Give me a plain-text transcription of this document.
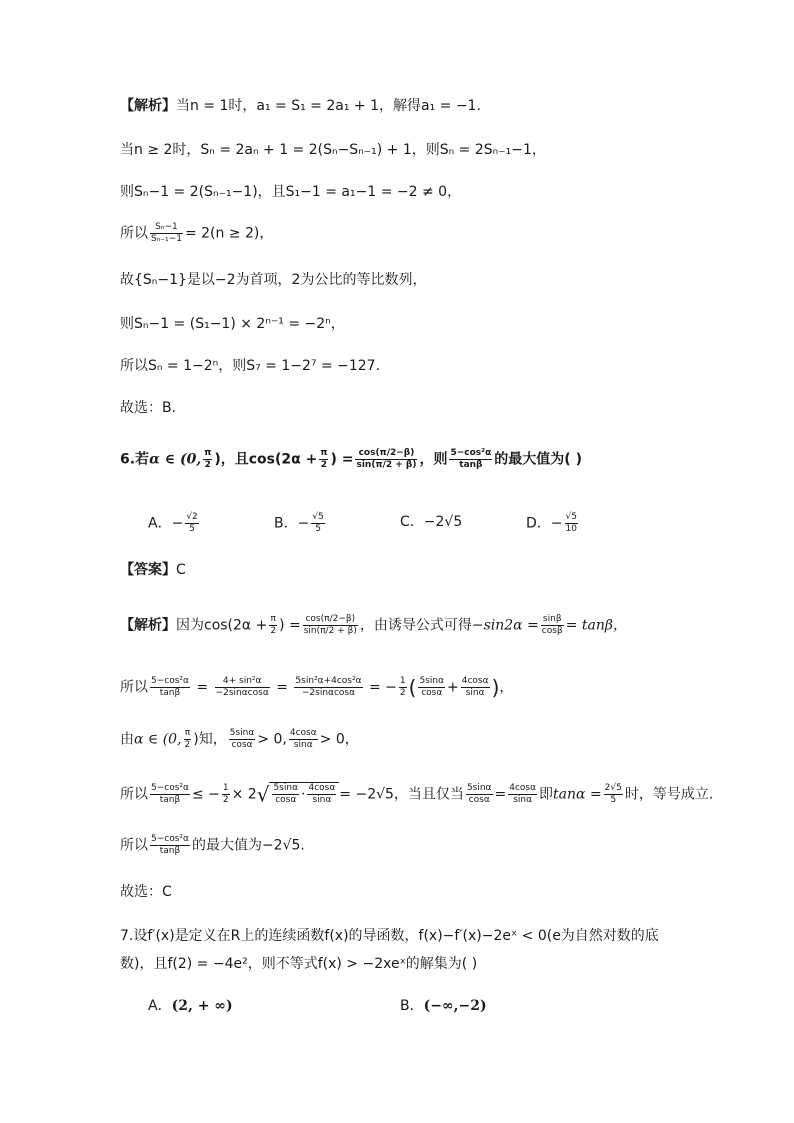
【解析】当n = 1时，a₁ = S₁ = 2a₁ + 1，解得a₁ = −1.
当n ≥ 2时，Sₙ = 2aₙ + 1 = 2(Sₙ−Sₙ₋₁) + 1，则Sₙ = 2Sₙ₋₁−1，
则Sₙ−1 = 2(Sₙ₋₁−1)，且S₁−1 = a₁−1 = −2 ≠ 0，
所以 $\frac{\text{Sₙ−1}}{\text{Sₙ₋₁−1}} = 2(n \ge 2)$，
故{Sₙ−1}是以−2为首项，2为公比的等比数列，
则Sₙ−1 = (S₁−1) × 2ⁿ⁻¹ = −2ⁿ，
所以Sₙ = 1−2ⁿ，则S₇ = 1−2⁷ = −127.
故选：B.
6.若α ∈ (0, $\frac{\pi}{2}$ )，且$\cos(2\alpha + \frac{\pi}{2}$ ) = $\frac{\cos(\pi/2-\beta)}{\sin(\pi/2 + \beta)}$ ，则 $\frac{\text{5−cos²α}}{\tan\beta}$ 的最大值为( )
A．− $\frac{√2}{5}$	B．− $\frac{√5}{5}$	C．−2√5	D．− $\frac{√5}{10}$
【答案】C
【解析】因为$\cos(2\alpha + \frac{\pi}{2}$ ) = $\frac{\cos(\pi/2-\beta)}{\sin(\pi/2 + \beta)}$ ，由诱导公式可得$-\sin 2\alpha = \frac{\sin\beta}{\cos\beta} = \tan\beta$，
所以 $\frac{\text{5−cos²α}}{\tan\beta} = \frac{\text{4+ sin²α}}{-2\sin\alpha\cos\alpha} = \frac{\text{5sin²α+4cos²α}}{-2\sin\alpha\cos\alpha}$ = − $\frac{1}{2}$ ( $\frac{5\sin\alpha}{\cos\alpha} + \frac{4\cos\alpha}{\sin\alpha}$ )，
由α ∈ (0, $\frac{\pi}{2}$ )知， $\frac{5\sin\alpha}{\cos\alpha} > 0$, $\frac{4\cos\alpha}{\sin\alpha} > 0$，
所以 $\frac{\text{5−cos²α}}{\tan\beta}$ ≤ − $\frac{1}{2} \times 2√ \frac{5\sin\alpha}{\cos\alpha} \cdot \frac{4\cos\alpha}{\sin\alpha} = -2√5$，当且仅当 $\frac{5\sin\alpha}{\cos\alpha} = \frac{4\cos\alpha}{\sin\alpha}$ 即$\tan\alpha = \frac{2√5}{5}$ 时，等号成立.
所以 $\frac{\text{5−cos²α}}{\tan\beta}$ 的最大值为−2√5.
故选：C
7.设f′(x)是定义在R上的连续函数f(x)的导函数，f(x)−f′(x)−2eˣ < 0(e为自然对数的底
数)，且f(2) = −4e²，则不等式f(x) > −2xeˣ的解集为( )
A．(2, + ∞)	B．(−∞,−2)
